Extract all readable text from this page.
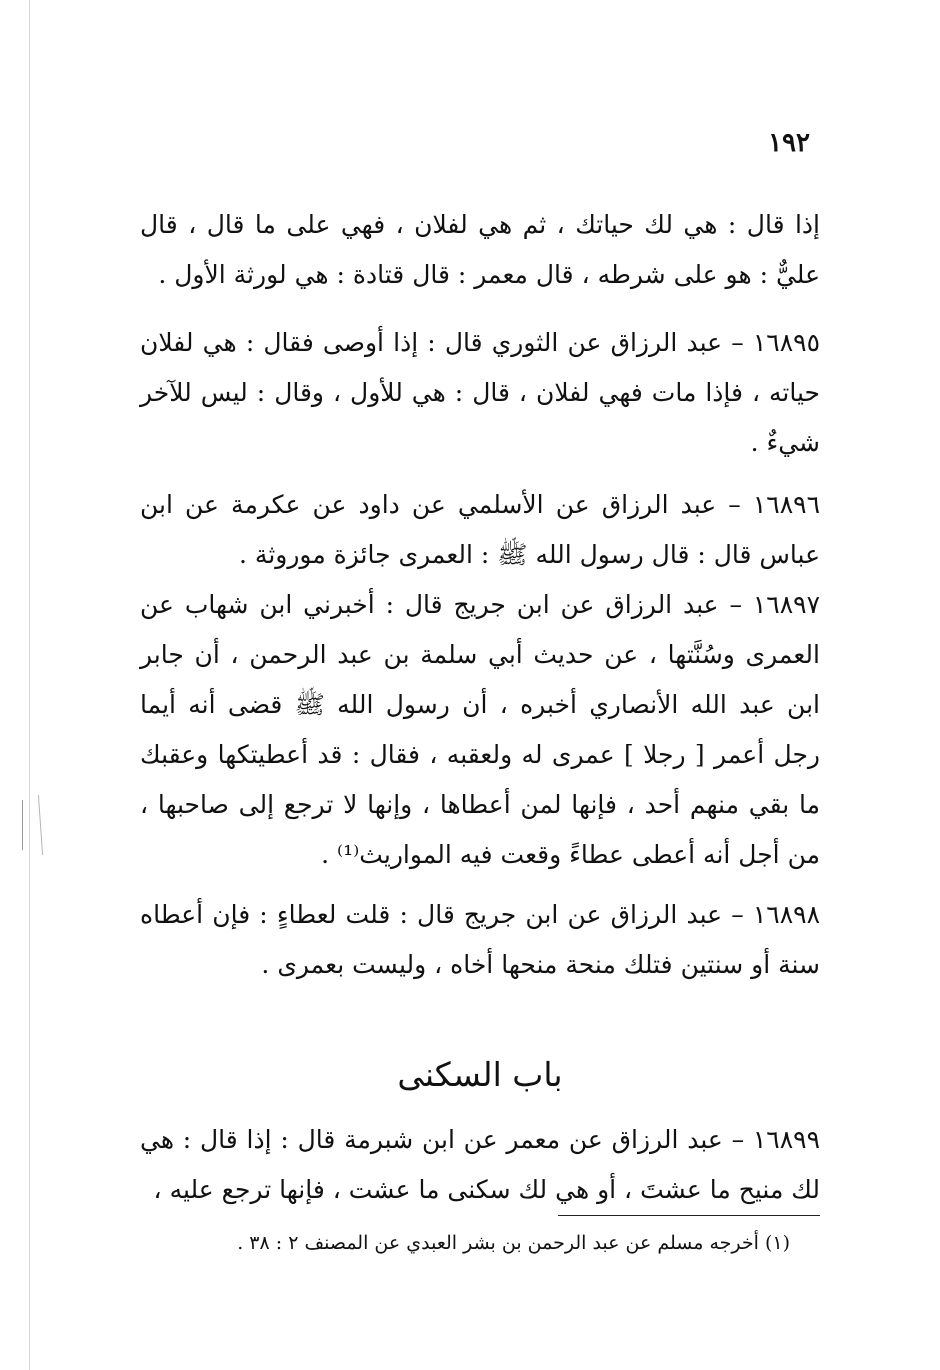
١٩٢

إذا قال : هي لك حياتك ، ثم هي لفلان ، فهي على ما قال ، قال عليٌّ : هو على شرطه ، قال معمر : قال قتادة : هي لورثة الأول .

١٦٨٩٥ – عبد الرزاق عن الثوري قال : إذا أوصى فقال : هي لفلان حياته ، فإذا مات فهي لفلان ، قال : هي للأول ، وقال : ليس للآخر شيءٌ .

١٦٨٩٦ – عبد الرزاق عن الأسلمي عن داود عن عكرمة عن ابن عباس قال : قال رسول الله ﷺ : العمرى جائزة موروثة .

١٦٨٩٧ – عبد الرزاق عن ابن جريج قال : أخبرني ابن شهاب عن العمرى وسُنَّتها ، عن حديث أبي سلمة بن عبد الرحمن ، أن جابر ابن عبد الله الأنصاري أخبره ، أن رسول الله ﷺ قضى أنه أيما رجل أعمر [ رجلا ] عمرى له ولعقبه ، فقال : قد أعطيتكها وعقبك ما بقي منهم أحد ، فإنها لمن أعطاها ، وإنها لا ترجع إلى صاحبها ، من أجل أنه أعطى عطاءً وقعت فيه المواريث⁽¹⁾ .

١٦٨٩٨ – عبد الرزاق عن ابن جريج قال : قلت لعطاءٍ : فإن أعطاه سنة أو سنتين فتلك منحة منحها أخاه ، وليست بعمرى .

باب السكنى

١٦٨٩٩ – عبد الرزاق عن معمر عن ابن شبرمة قال : إذا قال : هي لك منيح ما عشتَ ، أو هي لك سكنى ما عشت ، فإنها ترجع عليه ،

(١) أخرجه مسلم عن عبد الرحمن بن بشر العبدي عن المصنف ٢ : ٣٨ .
